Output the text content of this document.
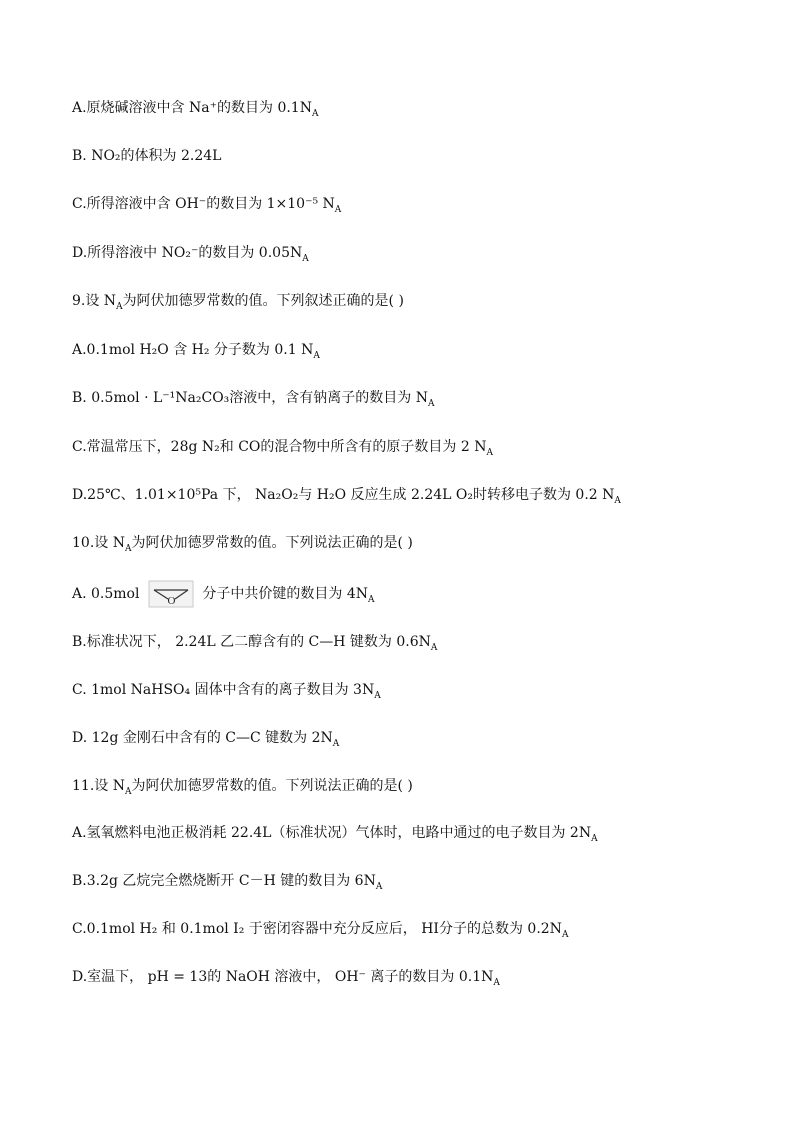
A.原烧碱溶液中含 Na⁺的数目为 $0.1N_A$
B. NO₂的体积为 2.24L
C.所得溶液中含 OH⁻的数目为 1×10⁻⁵ $N_A$
D.所得溶液中 NO₂⁻的数目为 $0.05N_A$
9.设 $N_A$为阿伏加德罗常数的值。下列叙述正确的是( )
A.0.1mol H₂O 含 H₂ 分子数为 0.1 $N_A$
B. 0.5mol · L⁻¹Na₂CO₃溶液中，含有钠离子的数目为 $N_A$
C.常温常压下，28g N₂和 CO的混合物中所含有的原子数目为 2 $N_A$
D.25℃、1.01×10⁵Pa 下， Na₂O₂与 H₂O 反应生成 2.24L O₂时转移电子数为 0.2 $N_A$
10.设 $N_A$为阿伏加德罗常数的值。下列说法正确的是( )
A. 0.5mol	O 分子中共价键的数目为 $4N_A$
B.标准状况下， 2.24L 乙二醇含有的 C—H 键数为 $0.6N_A$
C. 1mol NaHSO₄ 固体中含有的离子数目为 $3N_A$
D. 12g 金刚石中含有的 C—C 键数为 $2N_A$
11.设 $N_A$为阿伏加德罗常数的值。下列说法正确的是( )
A.氢氧燃料电池正极消耗 22.4L（标准状况）气体时，电路中通过的电子数目为 $2N_A$
B.3.2g 乙烷完全燃烧断开 C－H 键的数目为 $6N_A$
C.0.1mol H₂ 和 0.1mol I₂ 于密闭容器中充分反应后， HI分子的总数为 $0.2N_A$
D.室温下， pH = 13的 NaOH 溶液中， OH⁻ 离子的数目为 $0.1N_A$
